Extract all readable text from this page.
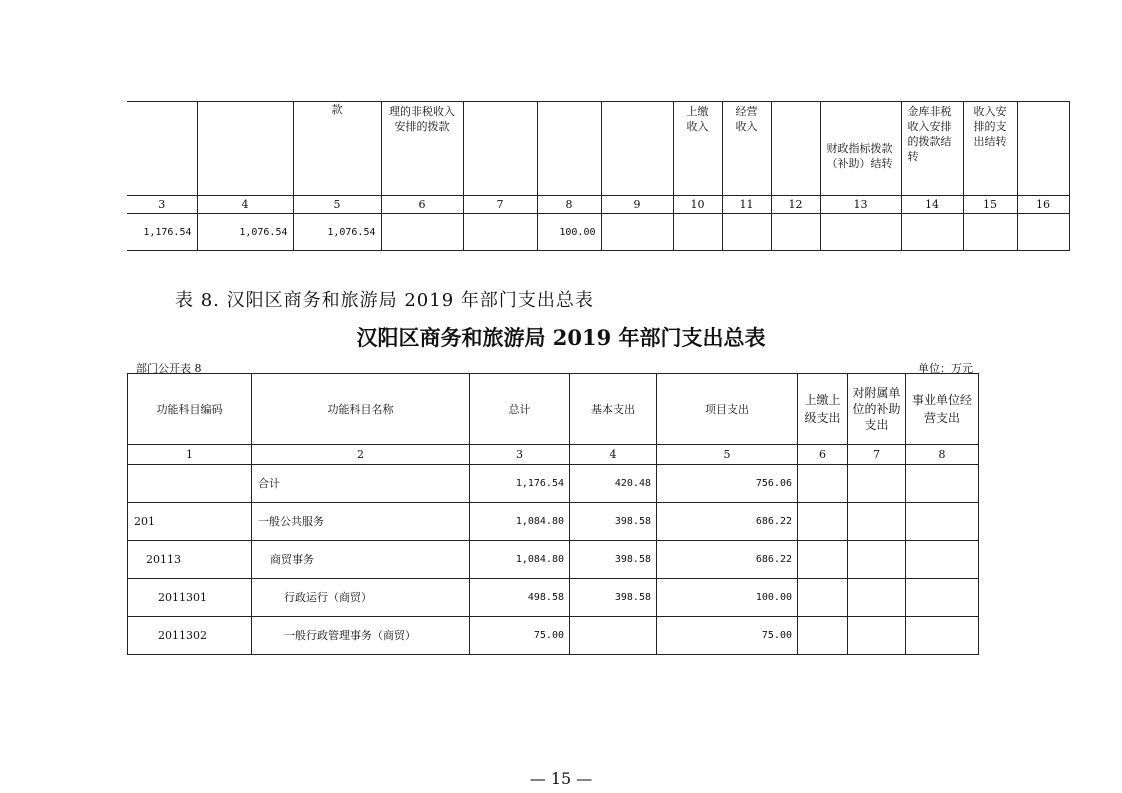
		款	理的非税收入安排的拨款				上缴收入	经营收入		财政指标拨款（补助）结转	金库非税收入安排的拨款结转	收入安排的支出结转	
3	4	5	6	7	8	9	10	11	12	13	14	15	16
1,176.54	1,076.54	1,076.54			100.00								
表 8. 汉阳区商务和旅游局 2019 年部门支出总表
汉阳区商务和旅游局 2019 年部门支出总表
部门公开表 8	单位：万元
功能科目编码	功能科目名称	总计	基本支出	项目支出	上缴上级支出	对附属单位的补助支出	事业单位经营支出
1	2	3	4	5	6	7	8
	合计	1,176.54	420.48	756.06			
201	一般公共服务	1,084.80	398.58	686.22			
20113	商贸事务	1,084.80	398.58	686.22			
2011301	行政运行（商贸）	498.58	398.58	100.00			
2011302	一般行政管理事务（商贸）	75.00		75.00			
— 15 —
